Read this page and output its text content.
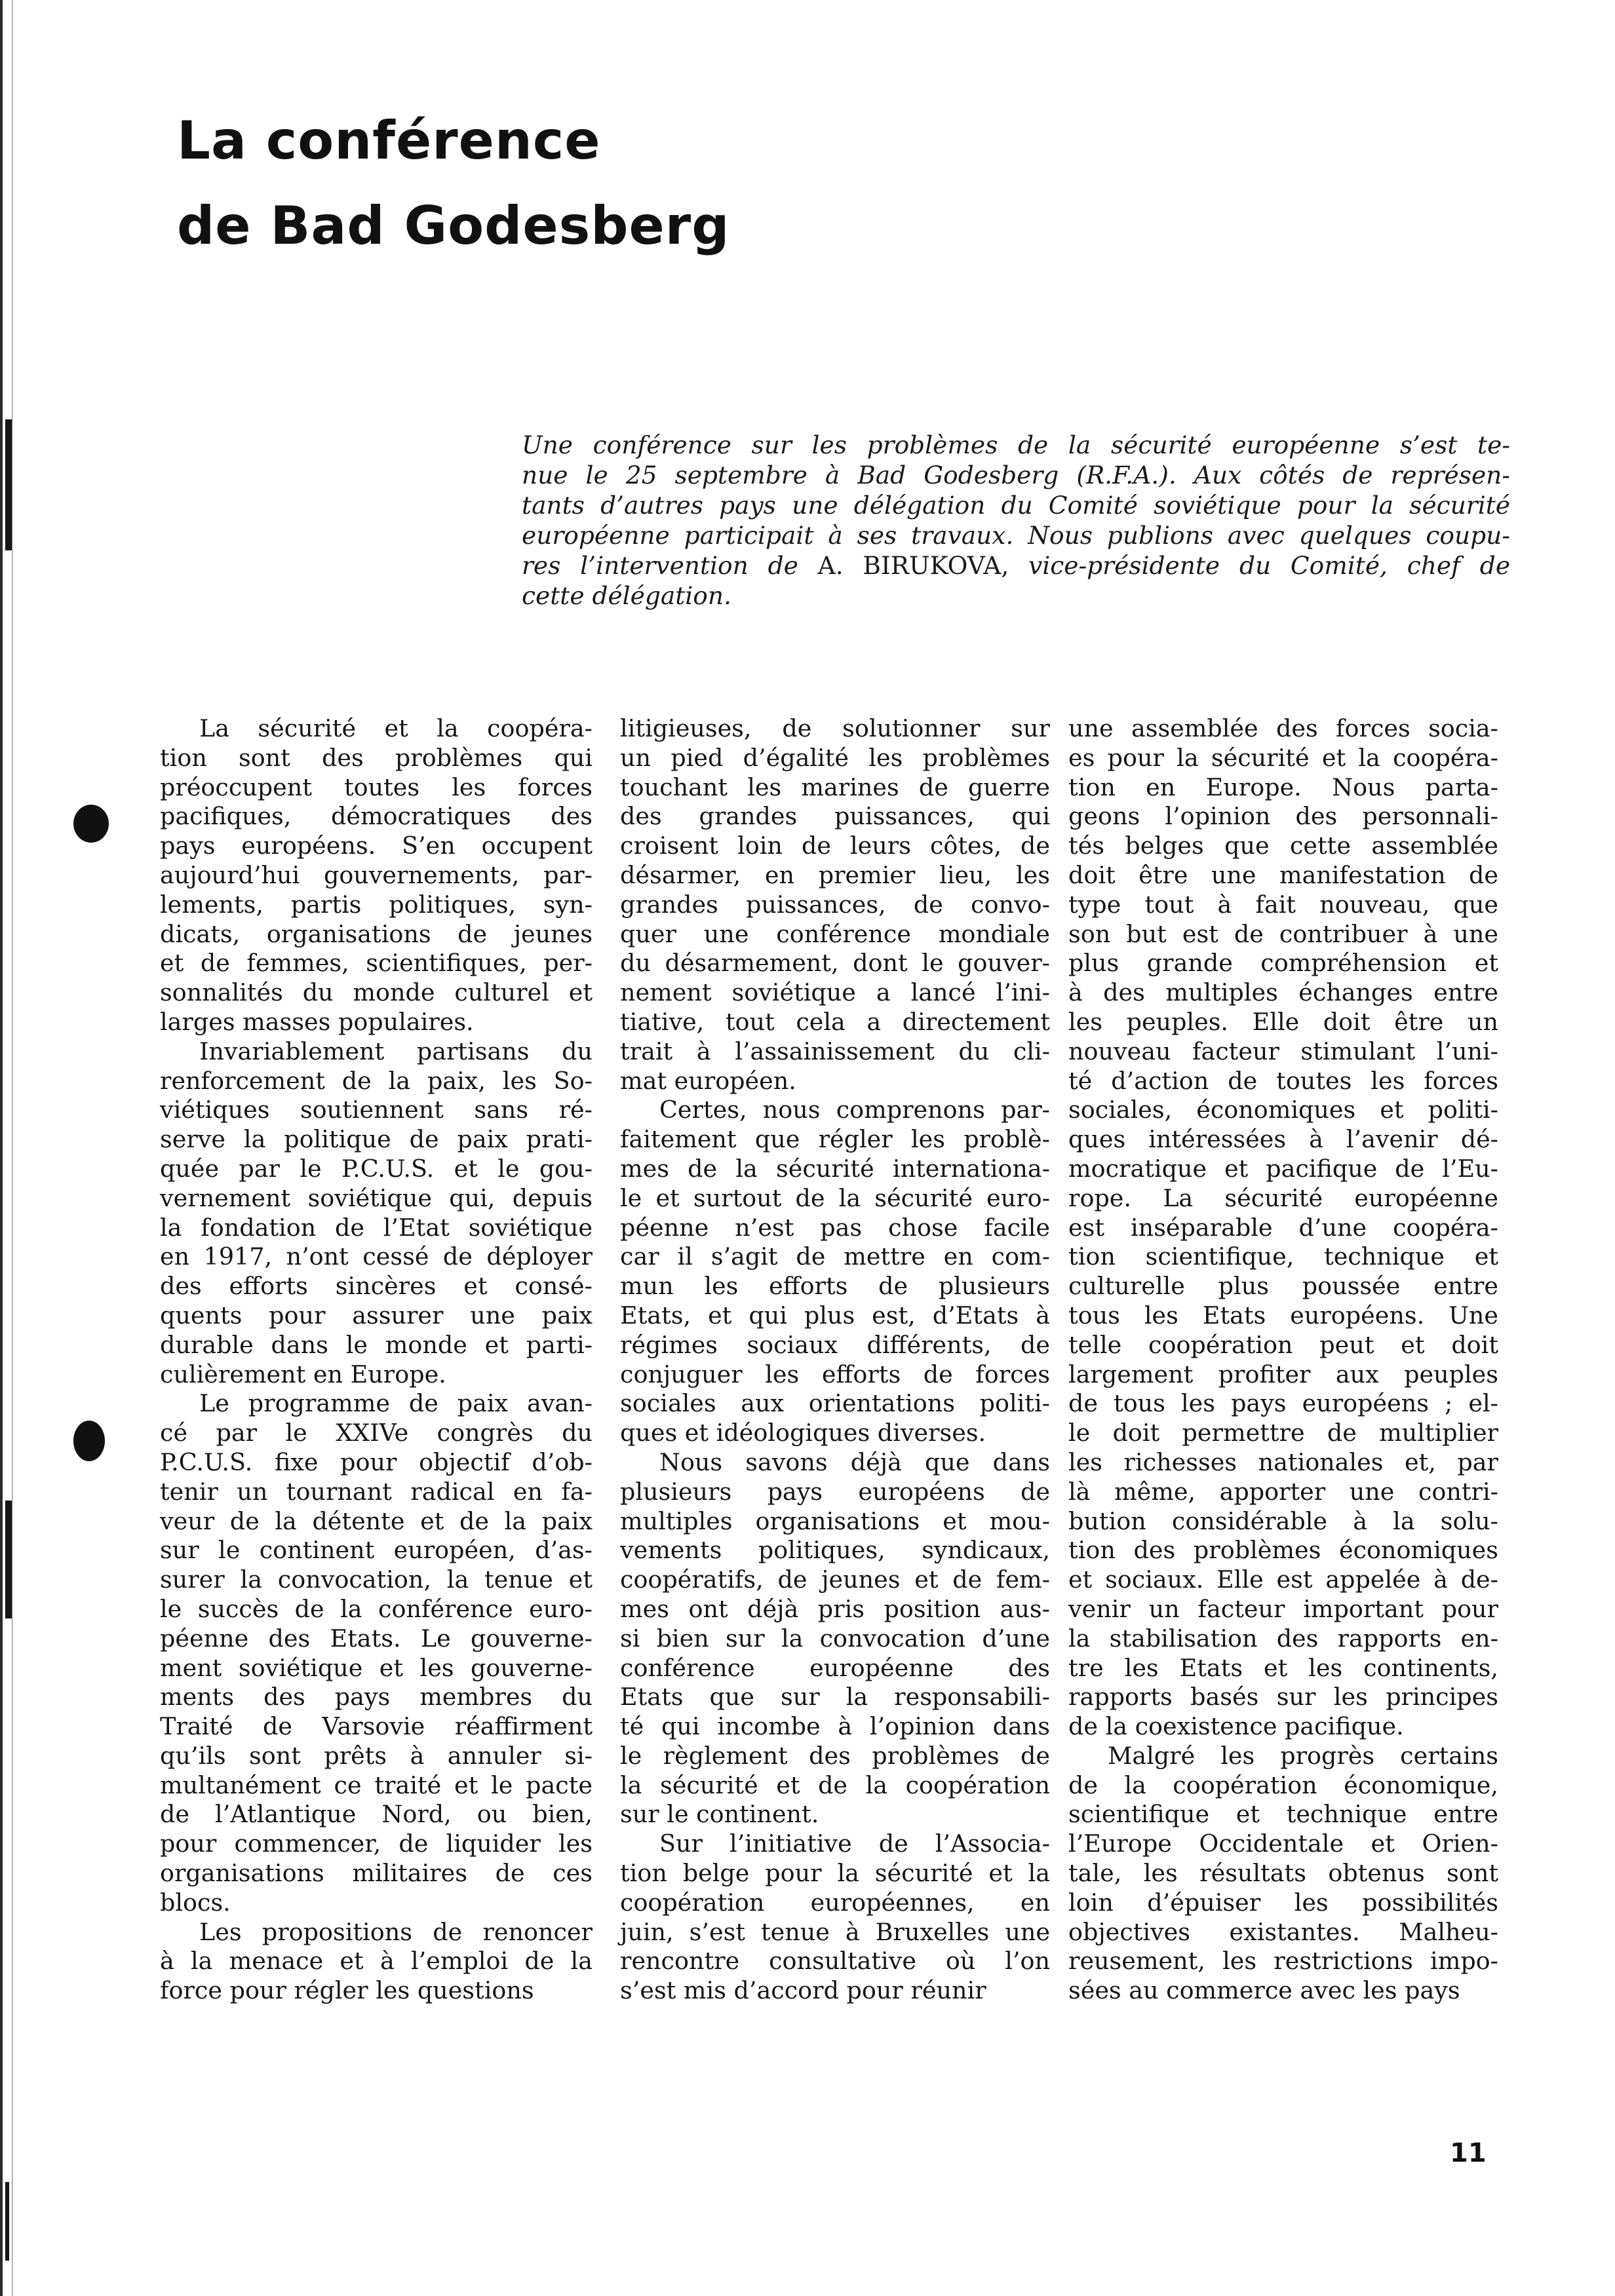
La conférence
de Bad Godesberg
Une conférence sur les problèmes de la sécurité européenne s’est te-
nue le 25 septembre à Bad Godesberg (R.F.A.). Aux côtés de représen-
tants d’autres pays une délégation du Comité soviétique pour la sécurité
européenne participait à ses travaux. Nous publions avec quelques coupu-
res l’intervention de A. BIRUKOVA, vice-présidente du Comité, chef de
cette délégation.
La sécurité et la coopéra-
tion sont des problèmes qui
préoccupent toutes les forces
pacifiques, démocratiques des
pays européens. S’en occupent
aujourd’hui gouvernements, par-
lements, partis politiques, syn-
dicats, organisations de jeunes
et de femmes, scientifiques, per-
sonnalités du monde culturel et
larges masses populaires.
Invariablement partisans du
renforcement de la paix, les So-
viétiques soutiennent sans ré-
serve la politique de paix prati-
quée par le P.C.U.S. et le gou-
vernement soviétique qui, depuis
la fondation de l’Etat soviétique
en 1917, n’ont cessé de déployer
des efforts sincères et consé-
quents pour assurer une paix
durable dans le monde et parti-
culièrement en Europe.
Le programme de paix avan-
cé par le XXIVe congrès du
P.C.U.S. fixe pour objectif d’ob-
tenir un tournant radical en fa-
veur de la détente et de la paix
sur le continent européen, d’as-
surer la convocation, la tenue et
le succès de la conférence euro-
péenne des Etats. Le gouverne-
ment soviétique et les gouverne-
ments des pays membres du
Traité de Varsovie réaffirment
qu’ils sont prêts à annuler si-
multanément ce traité et le pacte
de l’Atlantique Nord, ou bien,
pour commencer, de liquider les
organisations militaires de ces
blocs.
Les propositions de renoncer
à la menace et à l’emploi de la
force pour régler les questions
litigieuses, de solutionner sur
un pied d’égalité les problèmes
touchant les marines de guerre
des grandes puissances, qui
croisent loin de leurs côtes, de
désarmer, en premier lieu, les
grandes puissances, de convo-
quer une conférence mondiale
du désarmement, dont le gouver-
nement soviétique a lancé l’ini-
tiative, tout cela a directement
trait à l’assainissement du cli-
mat européen.
Certes, nous comprenons par-
faitement que régler les problè-
mes de la sécurité internationa-
le et surtout de la sécurité euro-
péenne n’est pas chose facile
car il s’agit de mettre en com-
mun les efforts de plusieurs
Etats, et qui plus est, d’Etats à
régimes sociaux différents, de
conjuguer les efforts de forces
sociales aux orientations politi-
ques et idéologiques diverses.
Nous savons déjà que dans
plusieurs pays européens de
multiples organisations et mou-
vements politiques, syndicaux,
coopératifs, de jeunes et de fem-
mes ont déjà pris position aus-
si bien sur la convocation d’une
conférence européenne des
Etats que sur la responsabili-
té qui incombe à l’opinion dans
le règlement des problèmes de
la sécurité et de la coopération
sur le continent.
Sur l’initiative de l’Associa-
tion belge pour la sécurité et la
coopération européennes, en
juin, s’est tenue à Bruxelles une
rencontre consultative où l’on
s’est mis d’accord pour réunir
une assemblée des forces socia-
es pour la sécurité et la coopéra-
tion en Europe. Nous parta-
geons l’opinion des personnali-
tés belges que cette assemblée
doit être une manifestation de
type tout à fait nouveau, que
son but est de contribuer à une
plus grande compréhension et
à des multiples échanges entre
les peuples. Elle doit être un
nouveau facteur stimulant l’uni-
té d’action de toutes les forces
sociales, économiques et politi-
ques intéressées à l’avenir dé-
mocratique et pacifique de l’Eu-
rope. La sécurité européenne
est inséparable d’une coopéra-
tion scientifique, technique et
culturelle plus poussée entre
tous les Etats européens. Une
telle coopération peut et doit
largement profiter aux peuples
de tous les pays européens ; el-
le doit permettre de multiplier
les richesses nationales et, par
là même, apporter une contri-
bution considérable à la solu-
tion des problèmes économiques
et sociaux. Elle est appelée à de-
venir un facteur important pour
la stabilisation des rapports en-
tre les Etats et les continents,
rapports basés sur les principes
de la coexistence pacifique.
Malgré les progrès certains
de la coopération économique,
scientifique et technique entre
l’Europe Occidentale et Orien-
tale, les résultats obtenus sont
loin d’épuiser les possibilités
objectives existantes. Malheu-
reusement, les restrictions impo-
sées au commerce avec les pays
11
